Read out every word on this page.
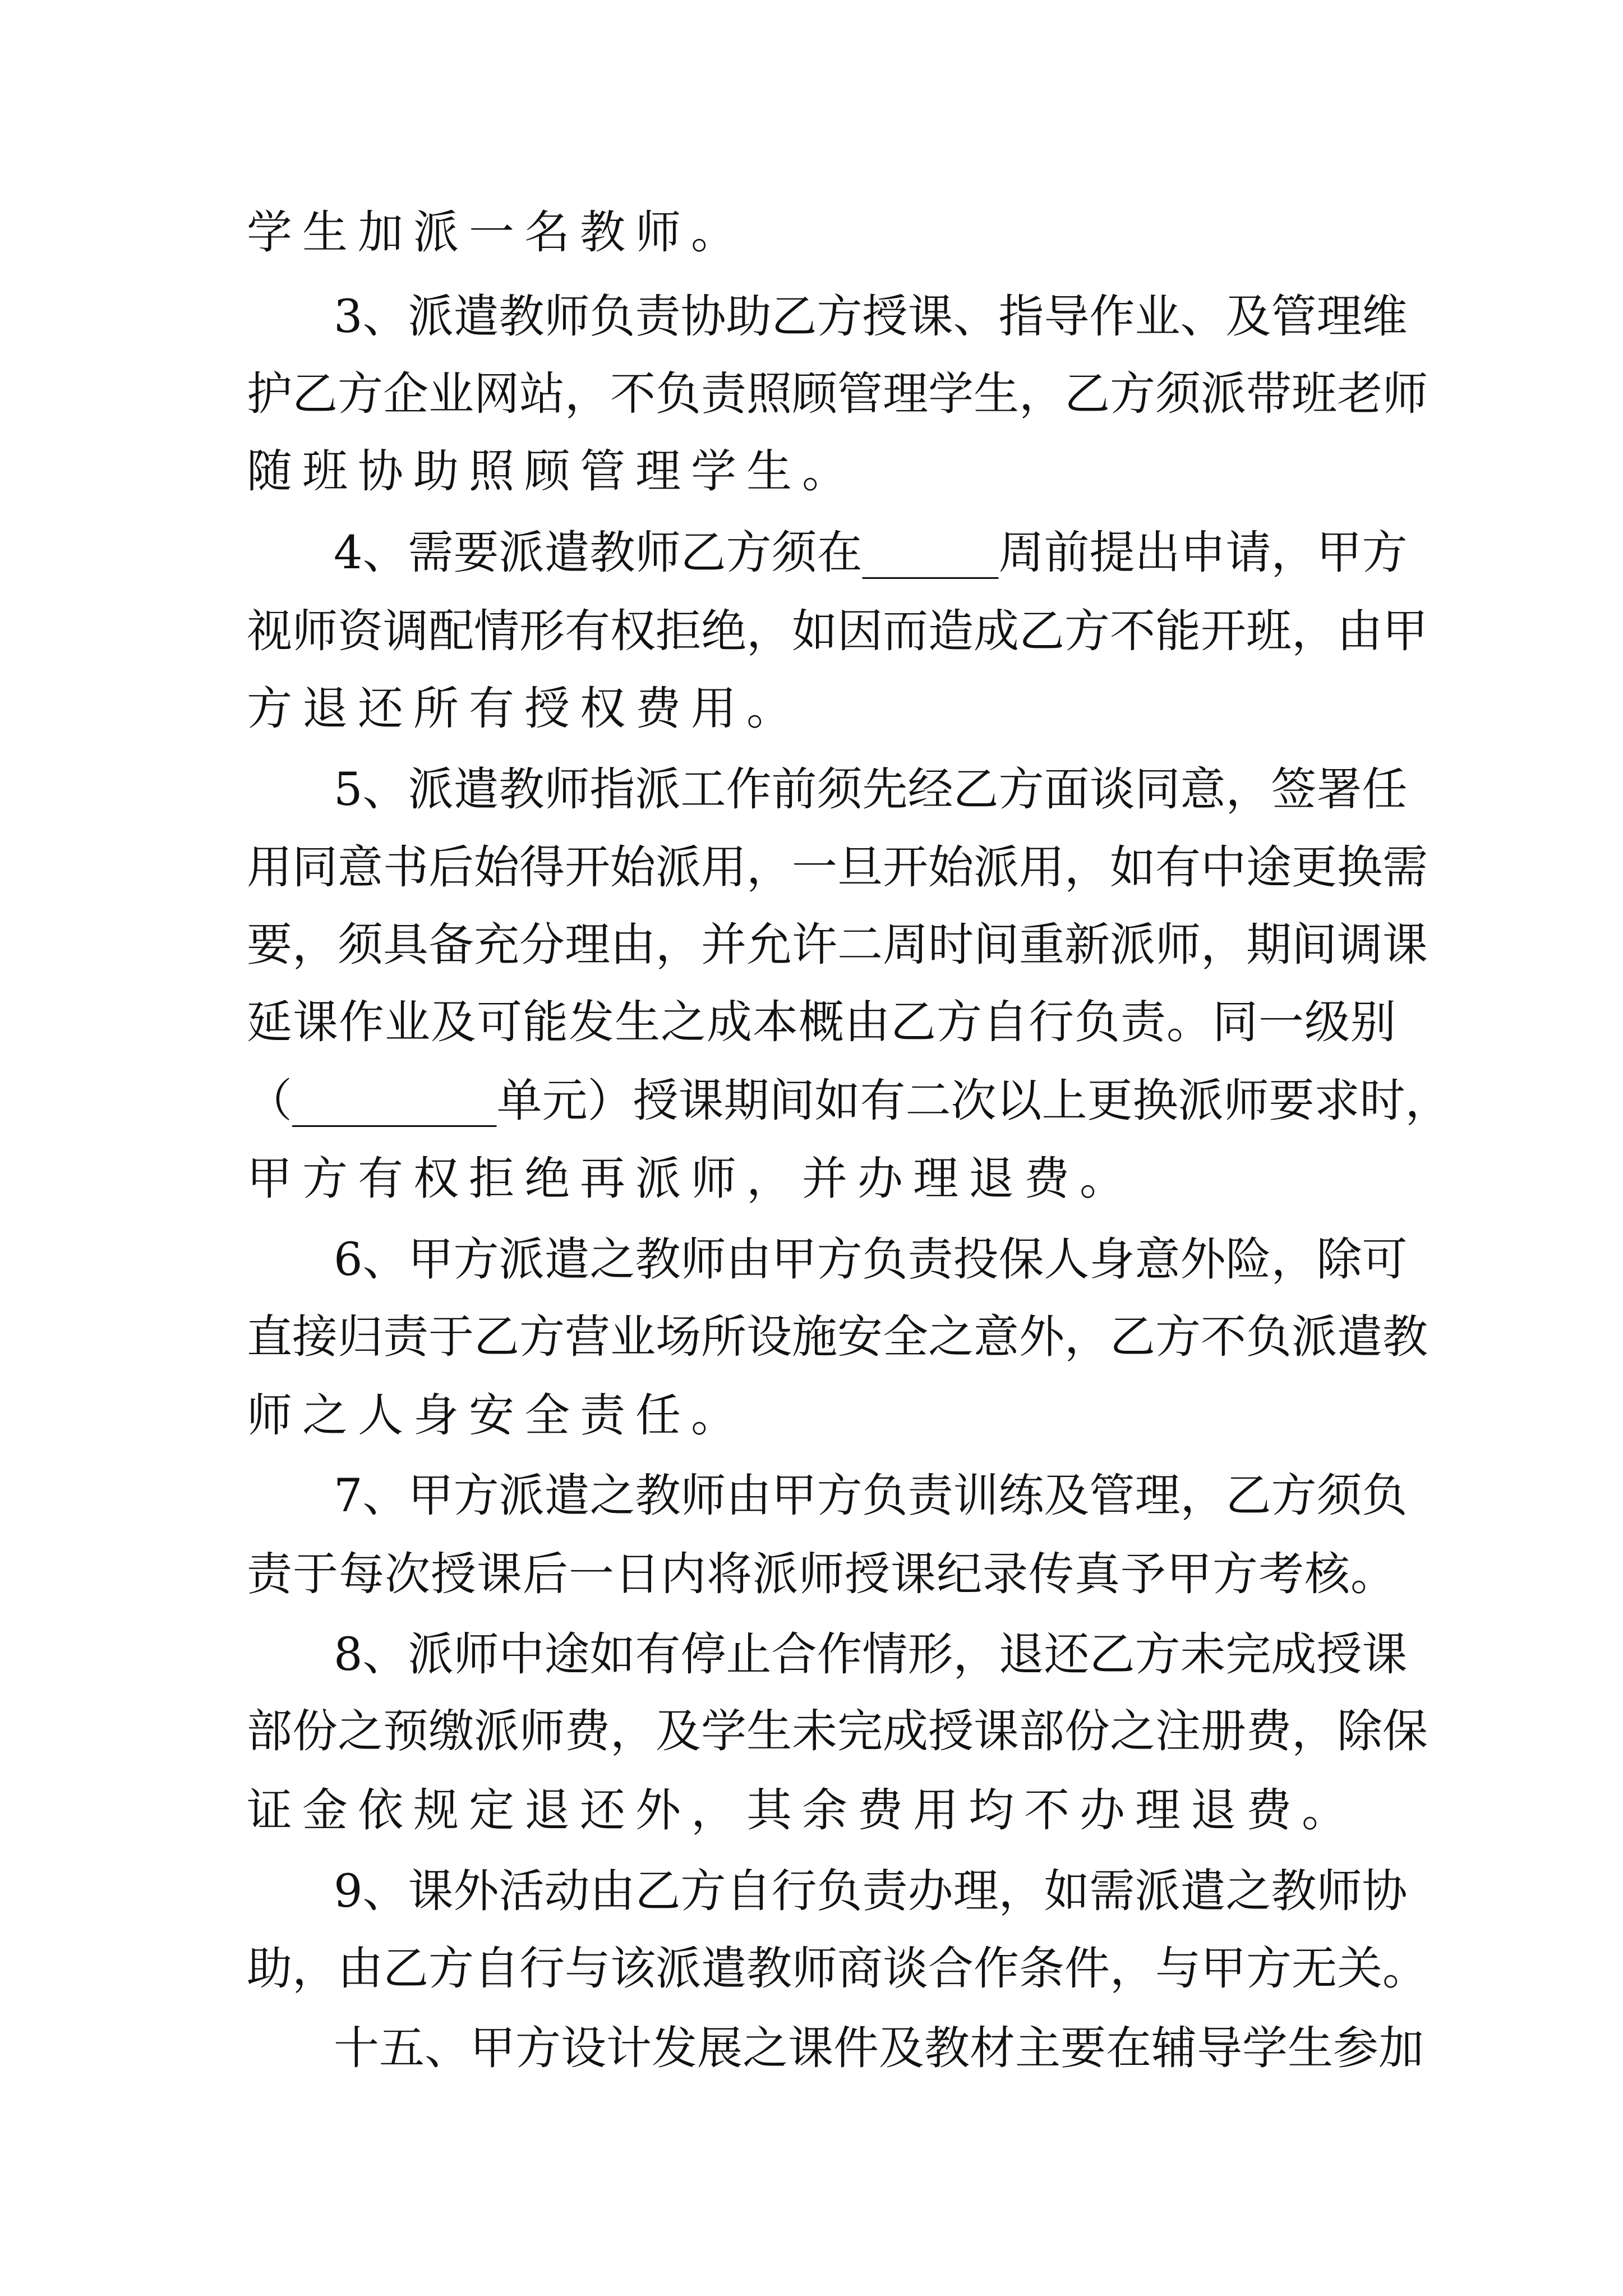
学生加派一名教师。

3、派遣教师负责协助乙方授课、指导作业、及管理维

护乙方企业网站，不负责照顾管理学生，乙方须派带班老师

随班协助照顾管理学生。

4、需要派遣教师乙方须在______周前提出申请，甲方

视师资调配情形有权拒绝，如因而造成乙方不能开班，由甲

方退还所有授权费用。

5、派遣教师指派工作前须先经乙方面谈同意，签署任

用同意书后始得开始派用，一旦开始派用，如有中途更换需

要，须具备充分理由，并允许二周时间重新派师，期间调课

延课作业及可能发生之成本概由乙方自行负责。同一级别

（_________单元）授课期间如有二次以上更换派师要求时，

甲方有权拒绝再派师，并办理退费。

6、甲方派遣之教师由甲方负责投保人身意外险，除可

直接归责于乙方营业场所设施安全之意外，乙方不负派遣教

师之人身安全责任。

7、甲方派遣之教师由甲方负责训练及管理，乙方须负

责于每次授课后一日内将派师授课纪录传真予甲方考核。

8、派师中途如有停止合作情形，退还乙方未完成授课

部份之预缴派师费，及学生未完成授课部份之注册费，除保

证金依规定退还外，其余费用均不办理退费。

9、课外活动由乙方自行负责办理，如需派遣之教师协

助，由乙方自行与该派遣教师商谈合作条件，与甲方无关。

十五、甲方设计发展之课件及教材主要在辅导学生参加
